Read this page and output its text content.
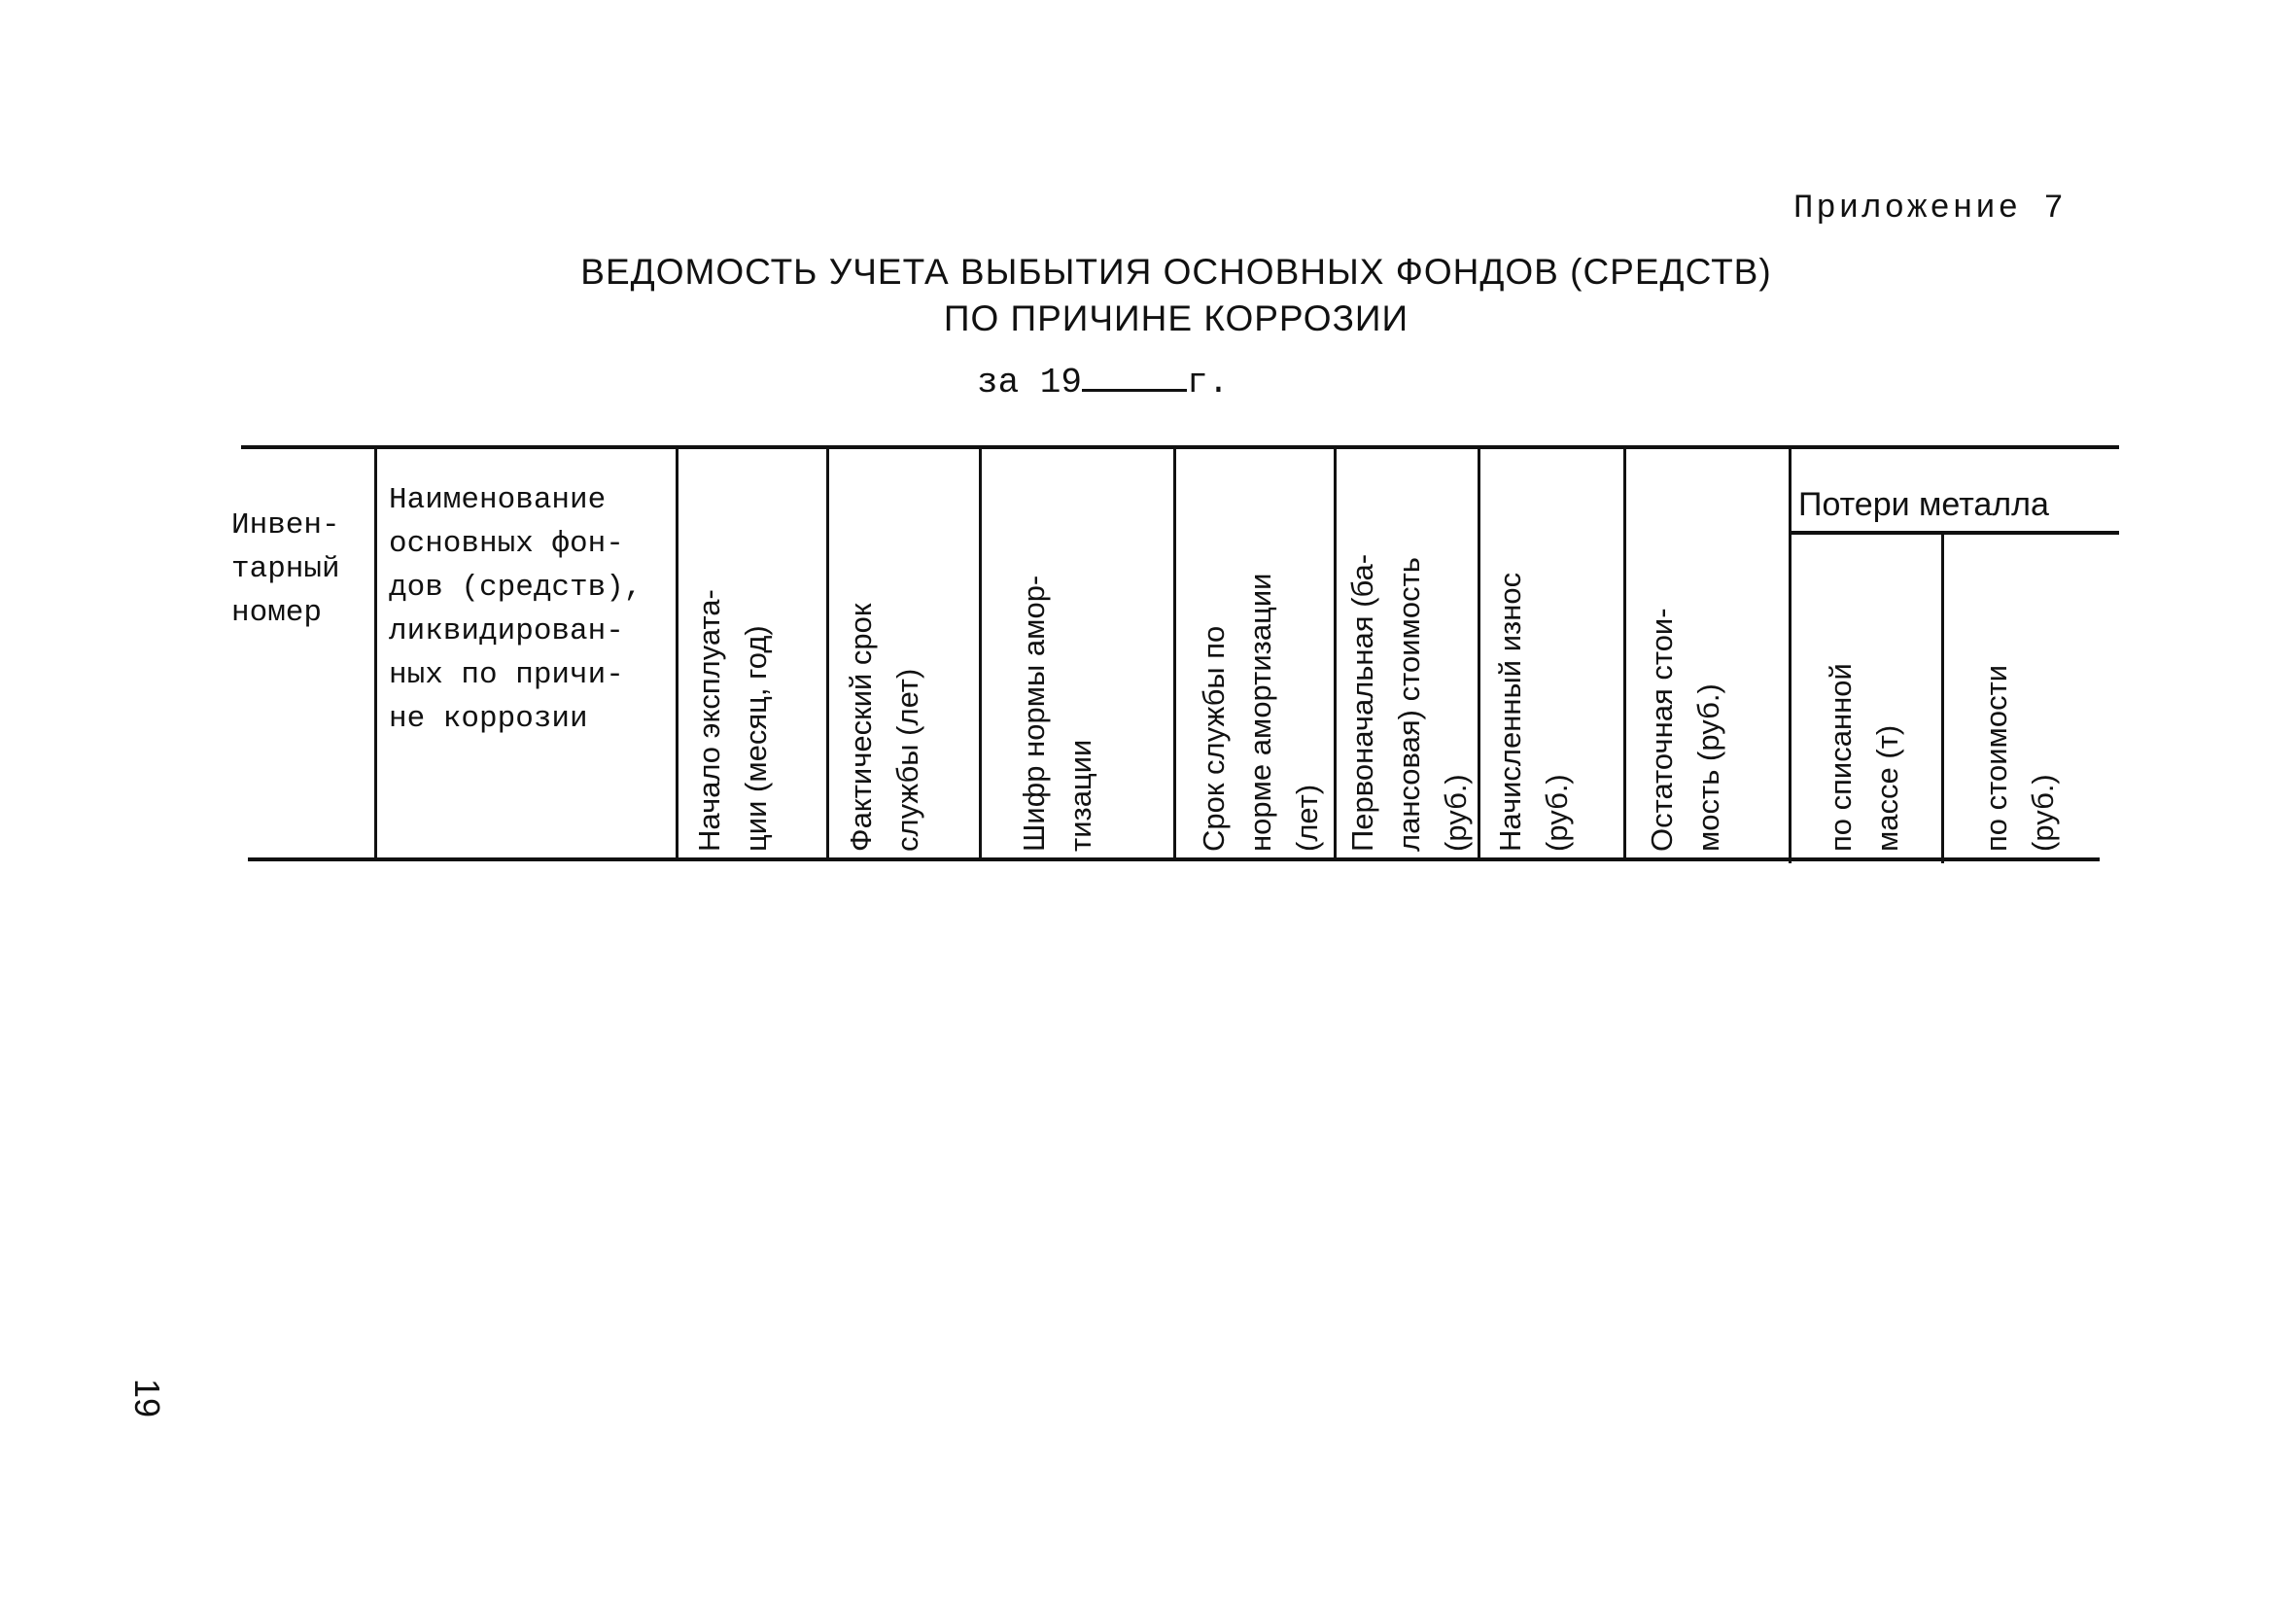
Приложение 7
ВЕДОМОСТЬ УЧЕТА ВЫБЫТИЯ ОСНОВНЫХ ФОНДОВ (СРЕДСТВ)
ПО ПРИЧИНЕ КОРРОЗИИ
за 19	г.
Инвен-
тарный
номер
Наименование
основных фон-
дов (средств),
ликвидирован-
ных по причи-
не коррозии
Начало эксплуата-
ции (месяц, год)
Фактический срок
службы (лет)
Шифр нормы амор-
тизации	Срок службы по
норме амортизации
(лет) Первоначальная (ба-
лансовая) стоимость
(руб.) Начисленный износ
(руб.) Остаточная стои-
мость (руб.)
Потери металла
по списанной
массе (т)
по стоимости
(руб.)
19
